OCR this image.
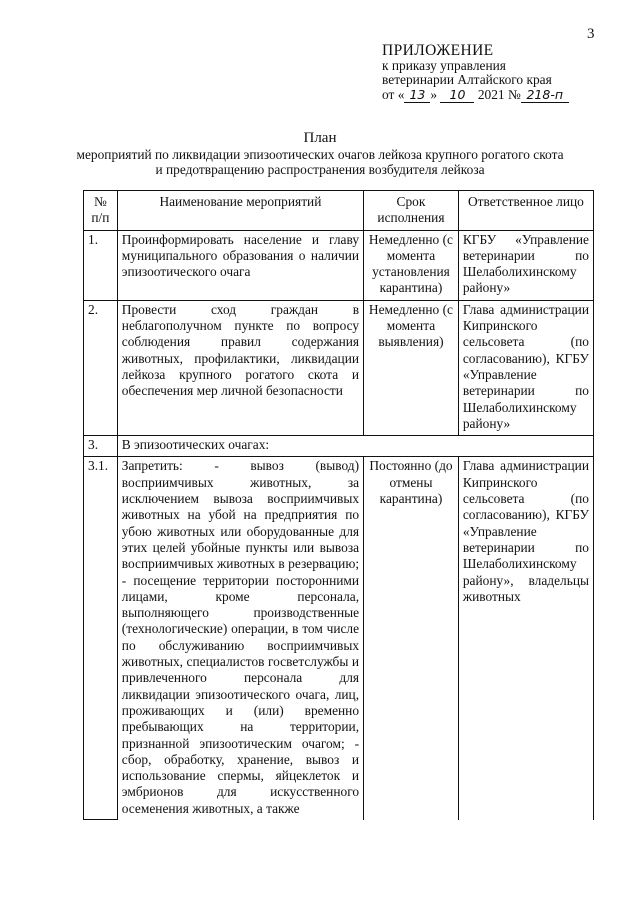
3
ПРИЛОЖЕНИЕ
к приказу управления
ветеринарии Алтайского края
от « 13 » 10 2021 № 218-п
План
мероприятий по ликвидации эпизоотических очагов лейкоза крупного рогатого скота
и предотвращению распространения возбудителя лейкоза
№ п/п	Наименование мероприятий	Срок исполнения	Ответственное лицо
1.	Проинформировать население и главу муниципального образования о наличии эпизоотического очага	Немедленно (с момента установления карантина)	КГБУ «Управление ветеринарии по Шелаболихинскому району»
2.	Провести сход граждан в неблагополучном пункте по вопросу соблюдения правил содержания животных, профилактики, ликвидации лейкоза крупного рогатого скота и обеспечения мер личной безопасности	Немедленно (с момента выявления)	Глава администрации Кипринского сельсовета (по согласованию), КГБУ «Управление ветеринарии по Шелаболихинскому району»
3.	В эпизоотических очагах:		
3.1.	Запретить: - вывоз (вывод) восприимчивых животных, за исключением вывоза восприимчивых животных на убой на предприятия по убою животных или оборудованные для этих целей убойные пункты или вывоза восприимчивых животных в резервацию; - посещение территории посторонними лицами, кроме персонала, выполняющего производственные (технологические) операции, в том числе по обслуживанию восприимчивых животных, специалистов госветслужбы и привлеченного персонала для ликвидации эпизоотического очага, лиц, проживающих и (или) временно пребывающих на территории, признанной эпизоотическим очагом; - сбор, обработку, хранение, вывоз и использование спермы, яйцеклеток и эмбрионов для искусственного осеменения животных, а также	Постоянно (до отмены карантина)	Глава администрации Кипринского сельсовета (по согласованию), КГБУ «Управление ветеринарии по Шелаболихинскому району», владельцы животных
